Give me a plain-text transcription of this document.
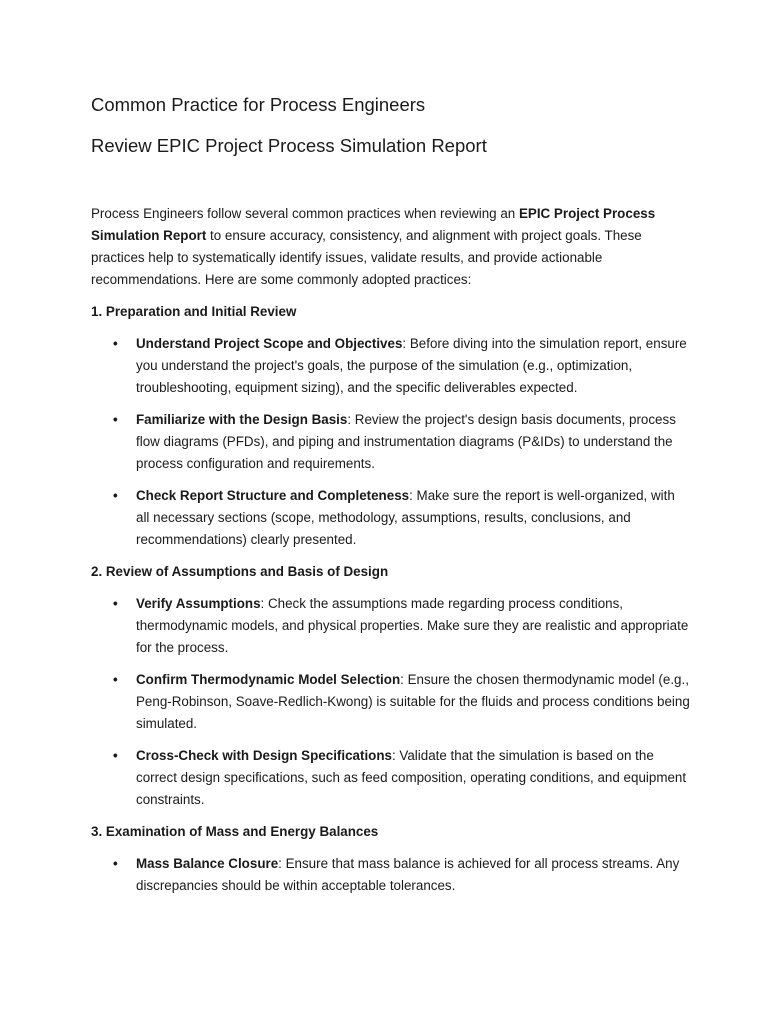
Common Practice for Process Engineers
Review EPIC Project Process Simulation Report

Process Engineers follow several common practices when reviewing an EPIC Project Process Simulation Report to ensure accuracy, consistency, and alignment with project goals. These practices help to systematically identify issues, validate results, and provide actionable recommendations. Here are some commonly adopted practices:

1. Preparation and Initial Review

• Understand Project Scope and Objectives: Before diving into the simulation report, ensure you understand the project's goals, the purpose of the simulation (e.g., optimization, troubleshooting, equipment sizing), and the specific deliverables expected.
• Familiarize with the Design Basis: Review the project's design basis documents, process flow diagrams (PFDs), and piping and instrumentation diagrams (P&IDs) to understand the process configuration and requirements.
• Check Report Structure and Completeness: Make sure the report is well-organized, with all necessary sections (scope, methodology, assumptions, results, conclusions, and recommendations) clearly presented.

2. Review of Assumptions and Basis of Design

• Verify Assumptions: Check the assumptions made regarding process conditions, thermodynamic models, and physical properties. Make sure they are realistic and appropriate for the process.
• Confirm Thermodynamic Model Selection: Ensure the chosen thermodynamic model (e.g., Peng-Robinson, Soave-Redlich-Kwong) is suitable for the fluids and process conditions being simulated.
• Cross-Check with Design Specifications: Validate that the simulation is based on the correct design specifications, such as feed composition, operating conditions, and equipment constraints.

3. Examination of Mass and Energy Balances

• Mass Balance Closure: Ensure that mass balance is achieved for all process streams. Any discrepancies should be within acceptable tolerances.
